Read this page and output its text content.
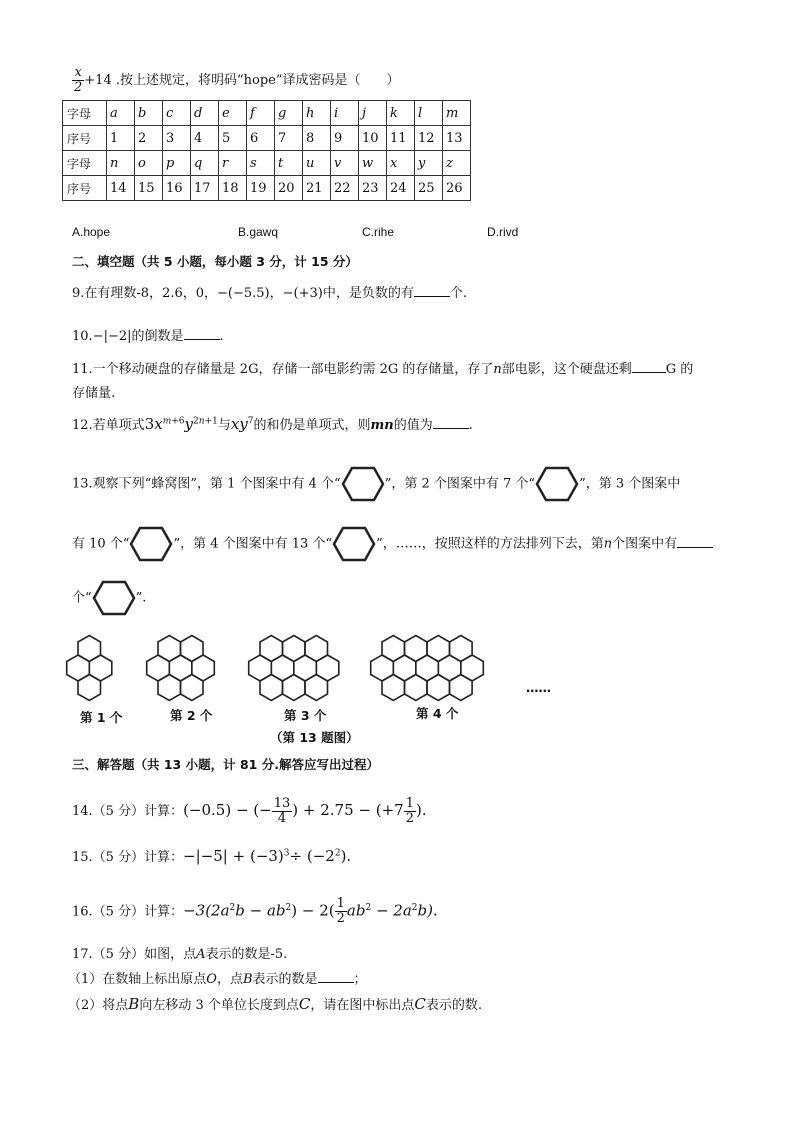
$\frac{x}{2} +14$ .按上述规定，将明码“hope”译成密码是（　　）
字母	a	b	c	d	e	f	g	h	i	j	k	l	m
序号	1	2	3	4	5	6	7	8	9	10	11	12	13
字母	n	o	p	q	r	s	t	u	v	w	x	y	z
序号	14	15	16	17	18	19	20	21	22	23	24	25	26
A.hope	B.gawq	C.rihe	D.rivd
二、填空题（共 5 小题，每小题 3 分，计 15 分）
9.在有理数-8，2.6，0，−(−5.5)，−(+3)中，是负数的有	个.
10.−|−2|的倒数是	.
11.一个移动硬盘的存储量是 2G，存储一部电影约需 2G 的存储量，存了n部电影，这个硬盘还剩	G 的
存储量.
12.若单项式$3x^{m+6}y^{2n+1}$与$xy^7$的和仍是单项式，则mn的值为	.
13.观察下列“蜂窝图”，第 1 个图案中有 4 个“	”，第 2 个图案中有 7 个“	”，第 3 个图案中
有 10 个“	”，第 4 个图案中有 13 个“	”，……，按照这样的方法排列下去，第n个图案中有
个“	”.
第 1 个	第 2 个	第 3 个	第 4 个
……
（第 13 题图）
三、解答题（共 13 小题，计 81 分.解答应写出过程）
14.（5 分）计算：(−0.5) − (− $\frac{13}{4}$ ) + $2.75 - (+7 \frac{1}{2}$ ).
15.（5 分）计算：$-|-5| + (-3)^3\div (-2^2)$.
16.（5 分）计算：$-3(2a^2b - ab^2) - 2( \frac{1}{2} ab^2 - 2a^2b)$.
17.（5 分）如图，点A表示的数是-5.
（1）在数轴上标出原点O，点B表示的数是	；
（2）将点B向左移动 3 个单位长度到点C，请在图中标出点C表示的数.
